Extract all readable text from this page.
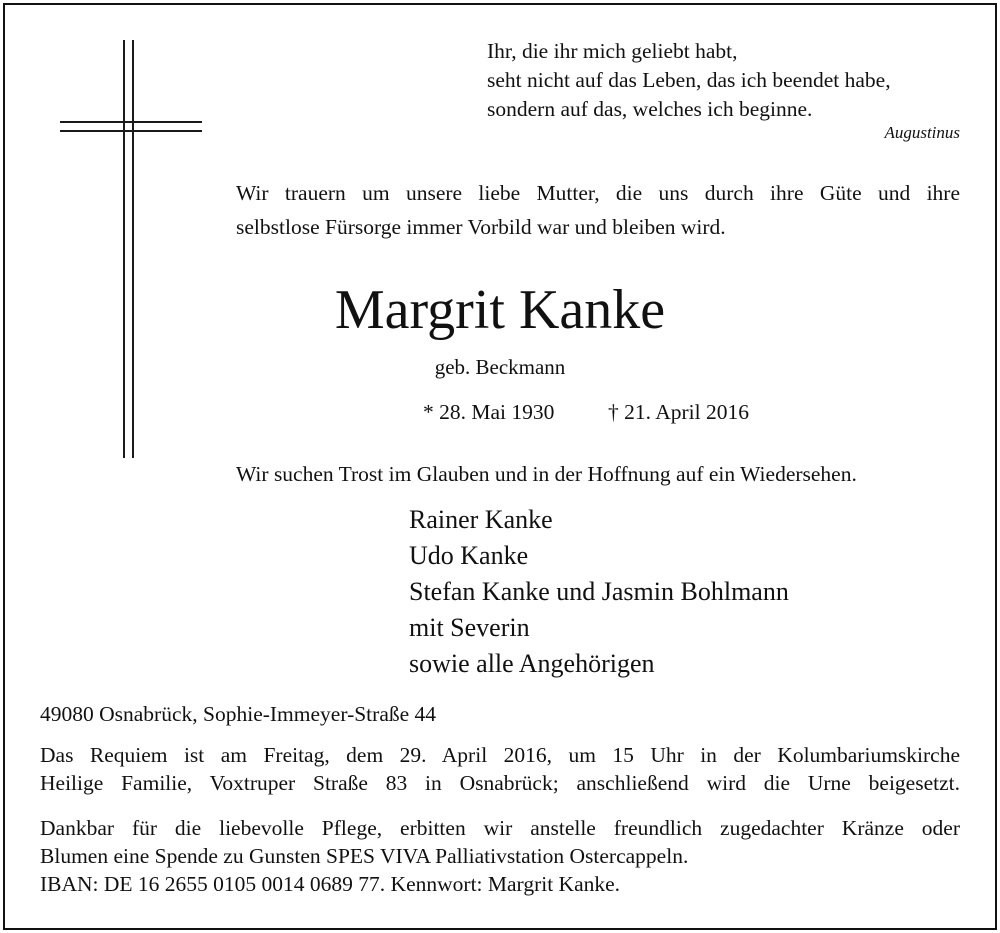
Ihr, die ihr mich geliebt habt,
seht nicht auf das Leben, das ich beendet habe,
sondern auf das, welches ich beginne.
Augustinus
Wir trauern um unsere liebe Mutter, die uns durch ihre Güte und ihre
selbstlose Fürsorge immer Vorbild war und bleiben wird.
Margrit Kanke
geb. Beckmann
* 28. Mai 1930 † 21. April 2016
Wir suchen Trost im Glauben und in der Hoffnung auf ein Wiedersehen.
Rainer Kanke
Udo Kanke
Stefan Kanke und Jasmin Bohlmann
mit Severin
sowie alle Angehörigen
49080 Osnabrück, Sophie-Immeyer-Straße 44
Das Requiem ist am Freitag, dem 29. April 2016, um 15 Uhr in der Kolumbariumskirche
Heilige Familie, Voxtruper Straße 83 in Osnabrück; anschließend wird die Urne beigesetzt.
Dankbar für die liebevolle Pflege, erbitten wir anstelle freundlich zugedachter Kränze oder
Blumen eine Spende zu Gunsten SPES VIVA Palliativstation Ostercappeln.
IBAN: DE 16 2655 0105 0014 0689 77. Kennwort: Margrit Kanke.
